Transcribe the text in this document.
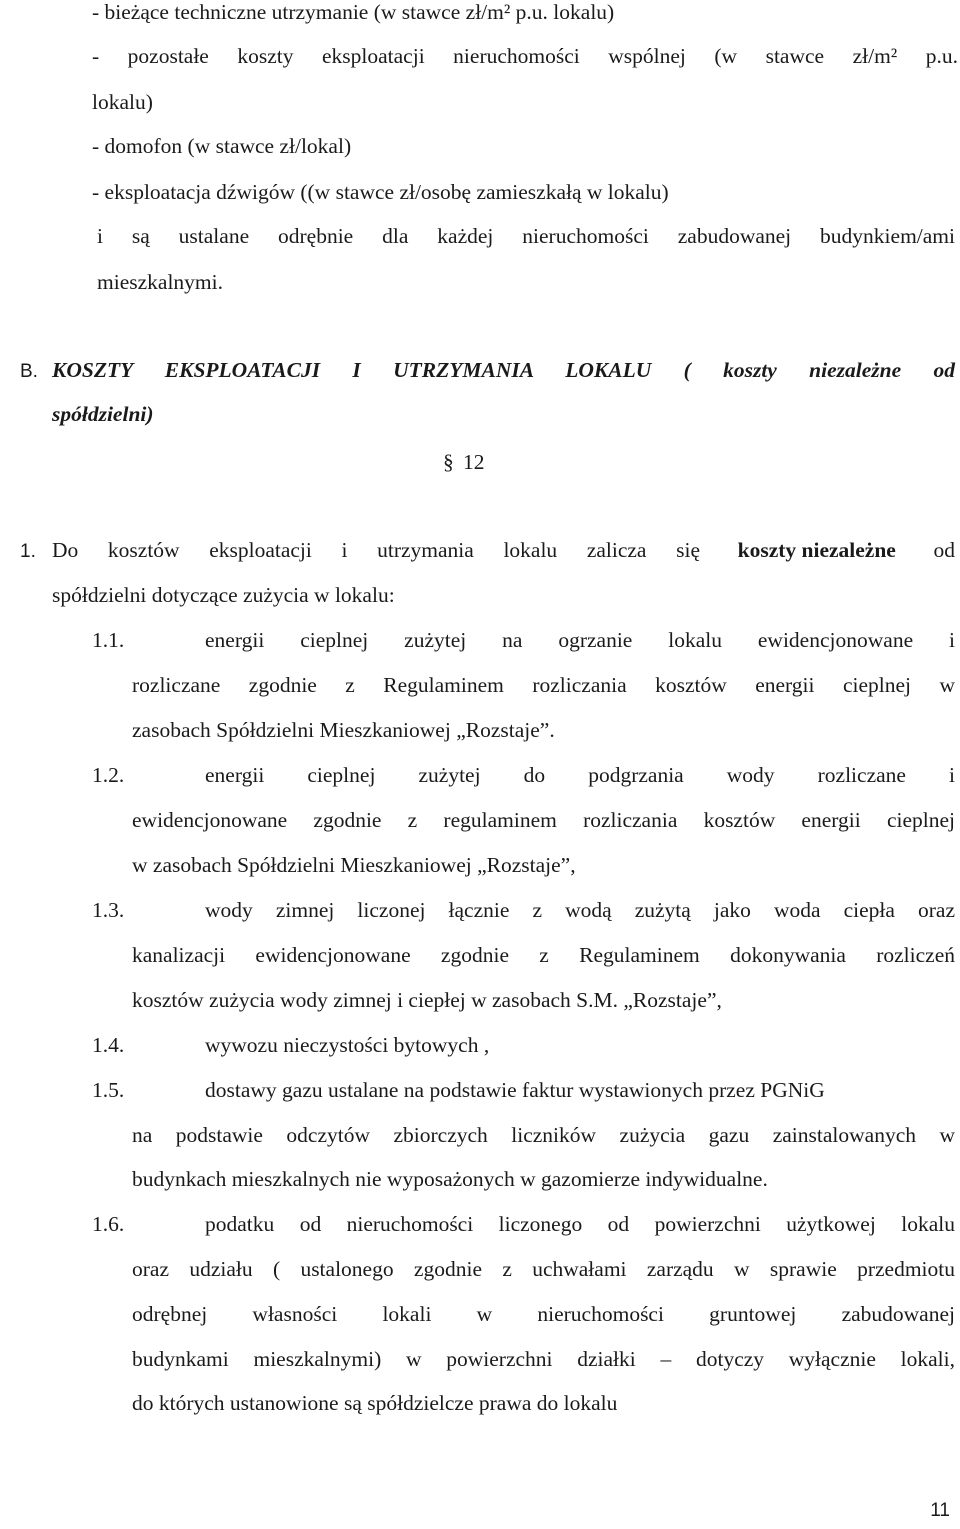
- bieżące techniczne utrzymanie (w stawce zł/m² p.u. lokalu)
- pozostałe koszty eksploatacji nieruchomości wspólnej (w stawce zł/m² p.u.
lokalu)
- domofon (w stawce zł/lokal)
- eksploatacja dźwigów ((w stawce zł/osobę zamieszkałą w lokalu)
i są ustalane odrębnie dla każdej nieruchomości zabudowanej budynkiem/ami
mieszkalnymi.
B. KOSZTY EKSPLOATACJI I UTRZYMANIA LOKALU ( koszty niezależne od
spółdzielni)
§ 12
1. Do kosztów eksploatacji i utrzymania lokalu zalicza się koszty niezależne od
spółdzielni dotyczące zużycia w lokalu:
1.1.	energii cieplnej zużytej na ogrzanie lokalu ewidencjonowane i
rozliczane zgodnie z Regulaminem rozliczania kosztów energii cieplnej w
zasobach Spółdzielni Mieszkaniowej „Rozstaje”.
1.2.	energii cieplnej zużytej do podgrzania wody rozliczane i
ewidencjonowane zgodnie z regulaminem rozliczania kosztów energii cieplnej
w zasobach Spółdzielni Mieszkaniowej „Rozstaje”,
1.3.	wody zimnej liczonej łącznie z wodą zużytą jako woda ciepła oraz
kanalizacji ewidencjonowane zgodnie z Regulaminem dokonywania rozliczeń
kosztów zużycia wody zimnej i ciepłej w zasobach S.M. „Rozstaje”,
1.4.	wywozu nieczystości bytowych ,
1.5.	dostawy gazu ustalane na podstawie faktur wystawionych przez PGNiG
na podstawie odczytów zbiorczych liczników zużycia gazu zainstalowanych w
budynkach mieszkalnych nie wyposażonych w gazomierze indywidualne.
1.6.	podatku od nieruchomości liczonego od powierzchni użytkowej lokalu
oraz udziału ( ustalonego zgodnie z uchwałami zarządu w sprawie przedmiotu
odrębnej własności lokali w nieruchomości gruntowej zabudowanej
budynkami mieszkalnymi) w powierzchni działki – dotyczy wyłącznie lokali,
do których ustanowione są spółdzielcze prawa do lokalu
11
